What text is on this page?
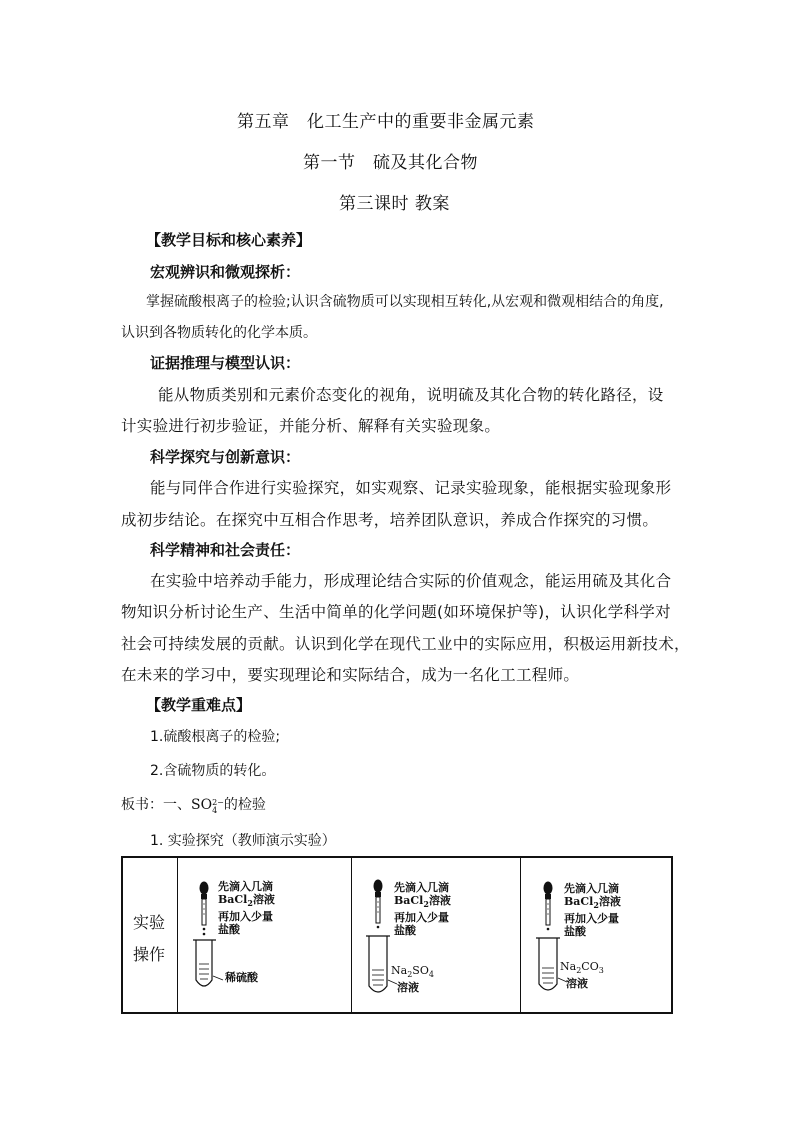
第五章　化工生产中的重要非金属元素
第一节　硫及其化合物
第三课时 教案
【教学目标和核心素养】
宏观辨识和微观探析：
掌握硫酸根离子的检验;认识含硫物质可以实现相互转化,从宏观和微观相结合的角度,
认识到各物质转化的化学本质。
证据推理与模型认识：
能从物质类别和元素价态变化的视角，说明硫及其化合物的转化路径，设
计实验进行初步验证，并能分析、解释有关实验现象。
科学探究与创新意识：
能与同伴合作进行实验探究，如实观察、记录实验现象，能根据实验现象形
成初步结论。在探究中互相合作思考，培养团队意识，养成合作探究的习惯。
科学精神和社会责任：
在实验中培养动手能力，形成理论结合实际的价值观念，能运用硫及其化合
物知识分析讨论生产、生活中简单的化学问题(如环境保护等)，认识化学科学对
社会可持续发展的贡献。认识到化学在现代工业中的实际应用，积极运用新技术，
在未来的学习中，要实现理论和实际结合，成为一名化工工程师。
【教学重难点】
1.硫酸根离子的检验;
2.含硫物质的转化。
板书：一、SO 2−
4 的检验
1. 实验探究（教师演示实验）
实验
操作
先滴入几滴
BaCl$_2$溶液
再加入少量
盐酸
稀硫酸
先滴入几滴
BaCl$_2$溶液
再加入少量
盐酸
$Na_2SO_4$
溶液
先滴入几滴
BaCl$_2$溶液
再加入少量
盐酸
$Na_2CO_3$
溶液
